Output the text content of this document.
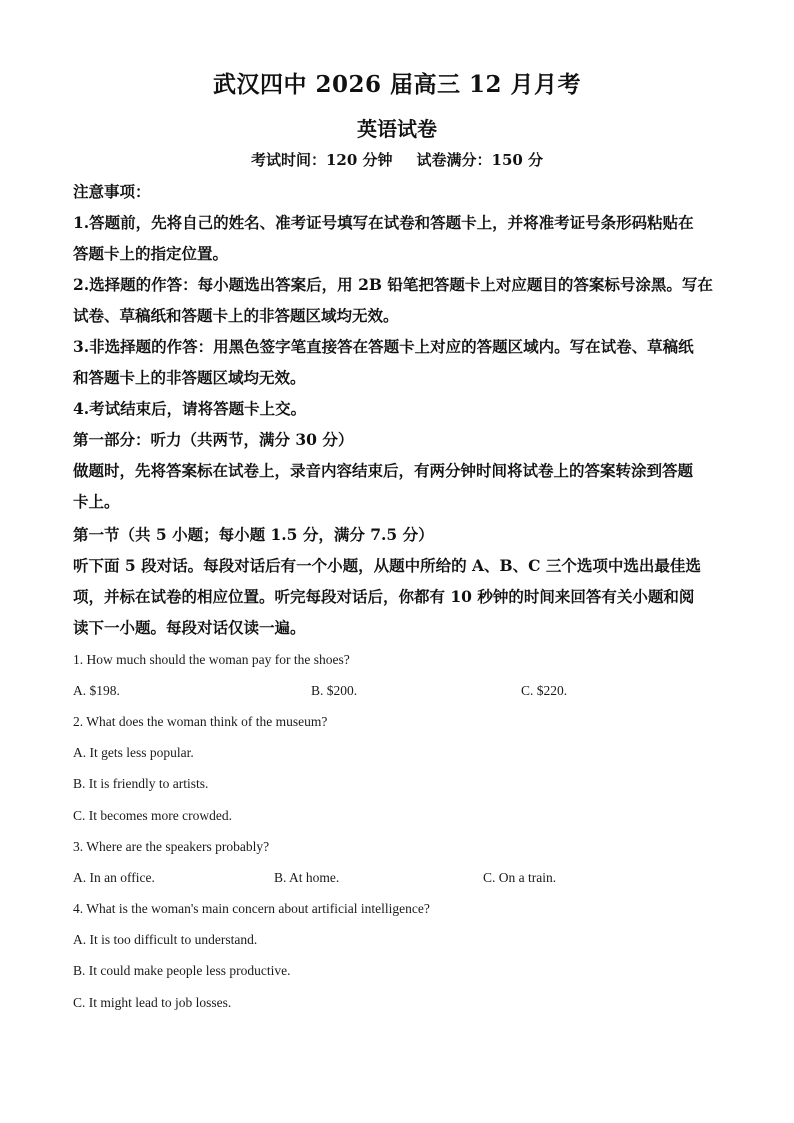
武汉四中 2026 届高三 12 月月考
英语试卷
考试时间：120 分钟 试卷满分：150 分
注意事项：
1.答题前，先将自己的姓名、准考证号填写在试卷和答题卡上，并将准考证号条形码粘贴在
答题卡上的指定位置。
2.选择题的作答：每小题选出答案后，用 2B 铅笔把答题卡上对应题目的答案标号涂黑。写在
试卷、草稿纸和答题卡上的非答题区域均无效。
3.非选择题的作答：用黑色签字笔直接答在答题卡上对应的答题区域内。写在试卷、草稿纸
和答题卡上的非答题区域均无效。
4.考试结束后，请将答题卡上交。
第一部分：听力（共两节，满分 30 分）
做题时，先将答案标在试卷上，录音内容结束后，有两分钟时间将试卷上的答案转涂到答题
卡上。
第一节（共 5 小题；每小题 1.5 分，满分 7.5 分）
听下面 5 段对话。每段对话后有一个小题，从题中所给的 A、B、C 三个选项中选出最佳选
项，并标在试卷的相应位置。听完每段对话后，你都有 10 秒钟的时间来回答有关小题和阅
读下一小题。每段对话仅读一遍。
1. How much should the woman pay for the shoes?
A. $198.	B. $200.	C. $220.
2. What does the woman think of the museum?
A. It gets less popular.
B. It is friendly to artists.
C. It becomes more crowded.
3. Where are the speakers probably?
A. In an office.	B. At home.	C. On a train.
4. What is the woman's main concern about artificial intelligence?
A. It is too difficult to understand.
B. It could make people less productive.
C. It might lead to job losses.
